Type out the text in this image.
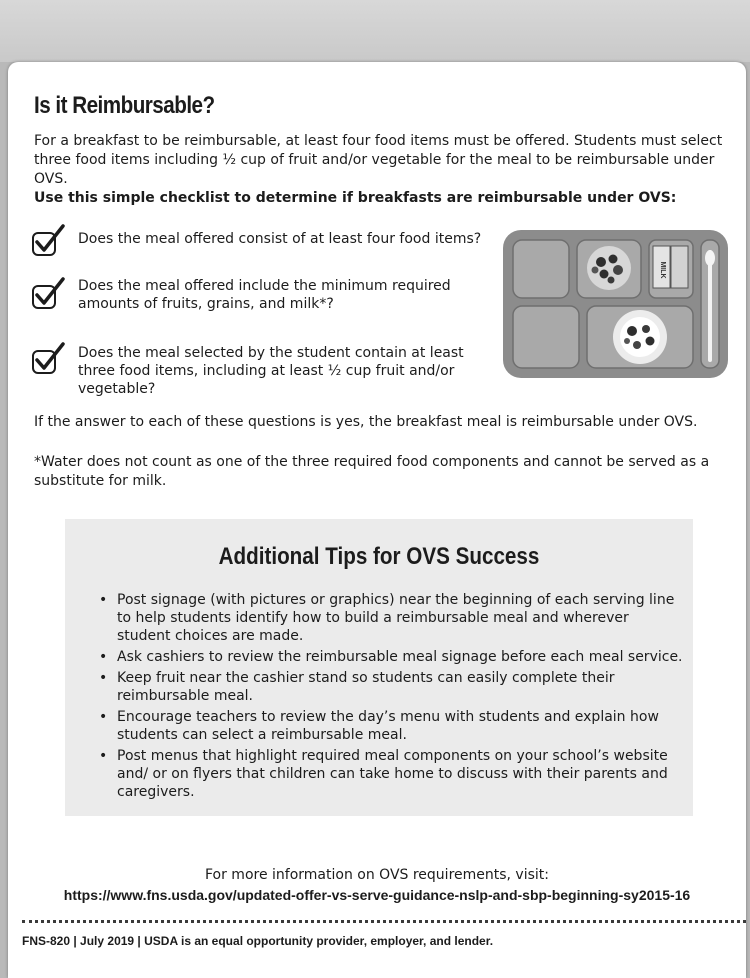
Is it Reimbursable?

For a breakfast to be reimbursable, at least four food items must be offered. Students must select three food items including ½ cup of fruit and/or vegetable for the meal to be reimbursable under OVS.

Use this simple checklist to determine if breakfasts are reimbursable under OVS:

Does the meal offered consist of at least four food items?
Does the meal offered include the minimum required amounts of fruits, grains, and milk*?
Does the meal selected by the student contain at least three food items, including at least ½ cup fruit and/or vegetable?
MILK

If the answer to each of these questions is yes, the breakfast meal is reimbursable under OVS.

*Water does not count as one of the three required food components and cannot be served as a substitute for milk.

Additional Tips for OVS Success
• Post signage (with pictures or graphics) near the beginning of each serving line to help students identify how to build a reimbursable meal and wherever student choices are made.
• Ask cashiers to review the reimbursable meal signage before each meal service.
• Keep fruit near the cashier stand so students can easily complete their reimbursable meal.
• Encourage teachers to review the day’s menu with students and explain how students can select a reimbursable meal.
• Post menus that highlight required meal components on your school’s website and/ or on flyers that children can take home to discuss with their parents and caregivers.
For more information on OVS requirements, visit:
https://www.fns.usda.gov/updated-offer-vs-serve-guidance-nslp-and-sbp-beginning-sy2015-16

FNS-820 | July 2019 | USDA is an equal opportunity provider, employer, and lender.
